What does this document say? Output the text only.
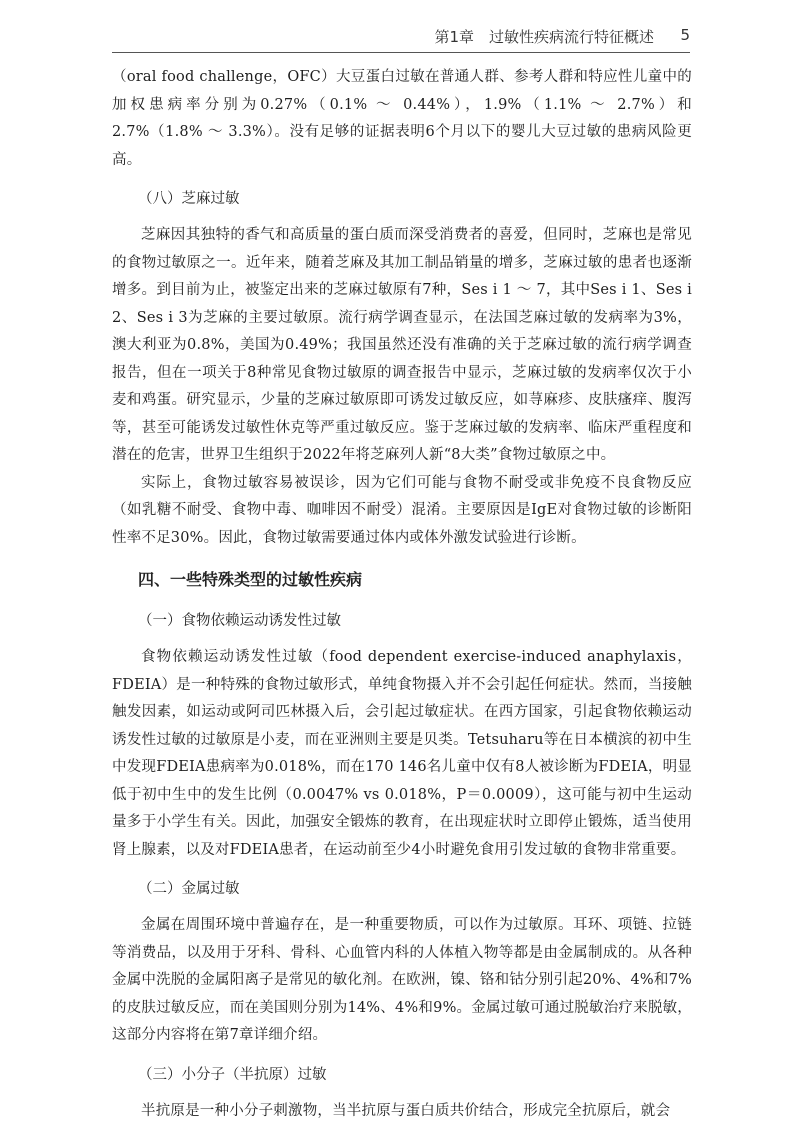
第1章　过敏性疾病流行特征概述 5

（oral food challenge，OFC）大豆蛋白过敏在普通人群、参考人群和特应性儿童中的加权患病率分别为0.27%（0.1% ～ 0.44%），1.9%（1.1% ～ 2.7%）和2.7%（1.8% ～ 3.3%）。没有足够的证据表明6个月以下的婴儿大豆过敏的患病风险更高。

（八）芝麻过敏

芝麻因其独特的香气和高质量的蛋白质而深受消费者的喜爱，但同时，芝麻也是常见的食物过敏原之一。近年来，随着芝麻及其加工制品销量的增多，芝麻过敏的患者也逐渐增多。到目前为止，被鉴定出来的芝麻过敏原有7种，Ses i 1 ～ 7，其中Ses i 1、Ses i 2、Ses i 3为芝麻的主要过敏原。流行病学调查显示，在法国芝麻过敏的发病率为3%，澳大利亚为0.8%，美国为0.49%；我国虽然还没有准确的关于芝麻过敏的流行病学调查报告，但在一项关于8种常见食物过敏原的调查报告中显示，芝麻过敏的发病率仅次于小麦和鸡蛋。研究显示，少量的芝麻过敏原即可诱发过敏反应，如荨麻疹、皮肤瘙痒、腹泻等，甚至可能诱发过敏性休克等严重过敏反应。鉴于芝麻过敏的发病率、临床严重程度和潜在的危害，世界卫生组织于2022年将芝麻列人新“8大类”食物过敏原之中。

实际上，食物过敏容易被误诊，因为它们可能与食物不耐受或非免疫不良食物反应（如乳糖不耐受、食物中毒、咖啡因不耐受）混淆。主要原因是IgE对食物过敏的诊断阳性率不足30%。因此，食物过敏需要通过体内或体外激发试验进行诊断。

四、一些特殊类型的过敏性疾病
（一）食物依赖运动诱发性过敏

食物依赖运动诱发性过敏（food dependent exercise-induced anaphylaxis，FDEIA）是一种特殊的食物过敏形式，单纯食物摄入并不会引起任何症状。然而，当接触触发因素，如运动或阿司匹林摄入后，会引起过敏症状。在西方国家，引起食物依赖运动诱发性过敏的过敏原是小麦，而在亚洲则主要是贝类。Tetsuharu等在日本横滨的初中生中发现FDEIA患病率为0.018%，而在170 146名儿童中仅有8人被诊断为FDEIA，明显低于初中生中的发生比例（0.0047% vs 0.018%，P＝0.0009），这可能与初中生运动量多于小学生有关。因此，加强安全锻炼的教育，在出现症状时立即停止锻炼，适当使用肾上腺素，以及对FDEIA患者，在运动前至少4小时避免食用引发过敏的食物非常重要。

（二）金属过敏

金属在周围环境中普遍存在，是一种重要物质，可以作为过敏原。耳环、项链、拉链等消费品，以及用于牙科、骨科、心血管内科的人体植入物等都是由金属制成的。从各种金属中洗脱的金属阳离子是常见的敏化剂。在欧洲，镍、铬和钴分别引起20%、4%和7%的皮肤过敏反应，而在美国则分别为14%、4%和9%。金属过敏可通过脱敏治疗来脱敏，这部分内容将在第7章详细介绍。

（三）小分子（半抗原）过敏

半抗原是一种小分子刺激物，当半抗原与蛋白质共价结合，形成完全抗原后，就会
